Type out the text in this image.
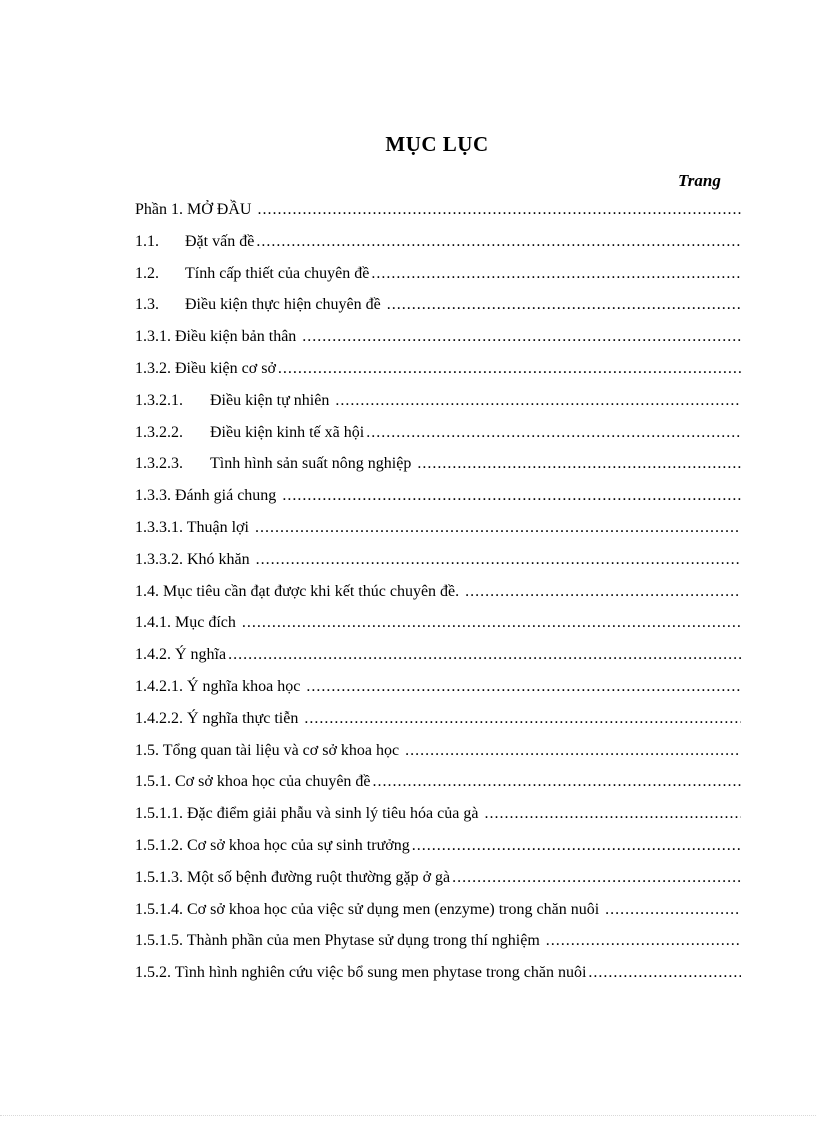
MỤC LỤC
Trang
Phần 1. MỞ ĐẦU
.....
1.1. Đặt vấn đề
.....
1.2. Tính cấp thiết của chuyên đề
.....
1.3. Điều kiện thực hiện chuyên đề
.....
1.3.1. Điều kiện bản thân
.....
1.3.2. Điều kiện cơ sở
.....
1.3.2.1. Điều kiện tự nhiên
.....
1.3.2.2. Điều kiện kinh tế xã hội
.....
1.3.2.3. Tình hình sản suất nông nghiệp
.....
1.3.3. Đánh giá chung
.....
1.3.3.1. Thuận lợi
.....
1.3.3.2. Khó khăn
.....
1.4. Mục tiêu cần đạt được khi kết thúc chuyên đề.
.....
1.4.1. Mục đích
.....
1.4.2. Ý nghĩa
.....
1.4.2.1. Ý nghĩa khoa học
.....
1.4.2.2. Ý nghĩa thực tiễn
.....
1.5. Tổng quan tài liệu và cơ sở khoa học
.....
1.5.1. Cơ sở khoa học của chuyên đề
.....
1.5.1.1. Đặc điểm giải phẫu và sinh lý tiêu hóa của gà
.....
1.5.1.2. Cơ sở khoa học của sự sinh trưởng
.....
1.5.1.3. Một số bệnh đường ruột thường gặp ở gà
.....
1.5.1.4. Cơ sở khoa học của việc sử dụng men (enzyme) trong chăn nuôi
.....
1.5.1.5. Thành phần của men Phytase sử dụng trong thí nghiệm
.....
1.5.2. Tình hình nghiên cứu việc bổ sung men phytase trong chăn nuôi
.....
